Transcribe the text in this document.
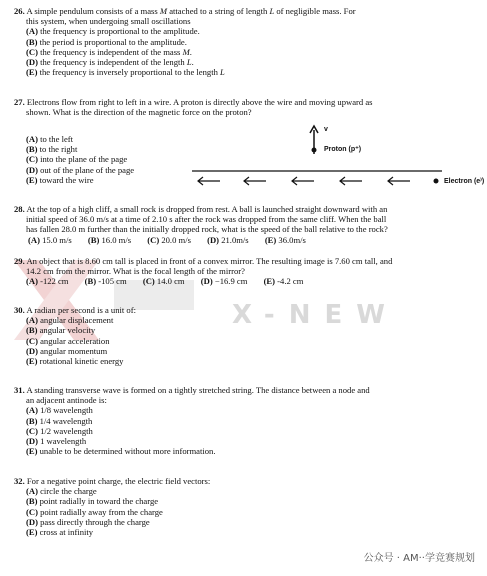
X-NEW
26. A simple pendulum consists of a mass M attached to a string of length L of negligible mass. For
this system, when undergoing small oscillations
(A) the frequency is proportional to the amplitude.
(B) the period is proportional to the amplitude.
(C) the frequency is independent of the mass M.
(D) the frequency is independent of the length L.
(E) the frequency is inversely proportional to the length L
27. Electrons flow from right to left in a wire. A proton is directly above the wire and moving upward as
shown. What is the direction of the magnetic force on the proton?
(A) to the left
(B) to the right
(C) into the plane of the page
(D) out of the plane of the page
(E) toward the wire
v
Proton (p⁺)
Electron (e⁾)
28. At the top of a high cliff, a small rock is dropped from rest. A ball is launched straight downward with an
initial speed of 36.0 m/s at a time of 2.10 s after the rock was dropped from the same cliff. When the ball
has fallen 28.0 m further than the initially dropped rock, what is the speed of the ball relative to the rock?
(A) 15.0 m/s (B) 16.0 m/s (C) 20.0 m/s (D) 21.0m/s (E) 36.0m/s
29. An object that is 8.60 cm tall is placed in front of a convex mirror. The resulting image is 7.60 cm tall, and
14.2 cm from the mirror. What is the focal length of the mirror?
(A) -122 cm (B) -105 cm (C) 14.0 cm (D) −16.9 cm (E) -4.2 cm
30. A radian per second is a unit of:
(A) angular displacement
(B) angular velocity
(C) angular acceleration
(D) angular momentum
(E) rotational kinetic energy
31. A standing transverse wave is formed on a tightly stretched string. The distance between a node and
an adjacent antinode is:
(A) 1/8 wavelength
(B) 1/4 wavelength
(C) 1/2 wavelength
(D) 1 wavelength
(E) unable to be determined without more information.
32. For a negative point charge, the electric field vectors:
(A) circle the charge
(B) point radially in toward the charge
(C) point radially away from the charge
(D) pass directly through the charge
(E) cross at infinity
公众号 · AM··学竞赛规划
